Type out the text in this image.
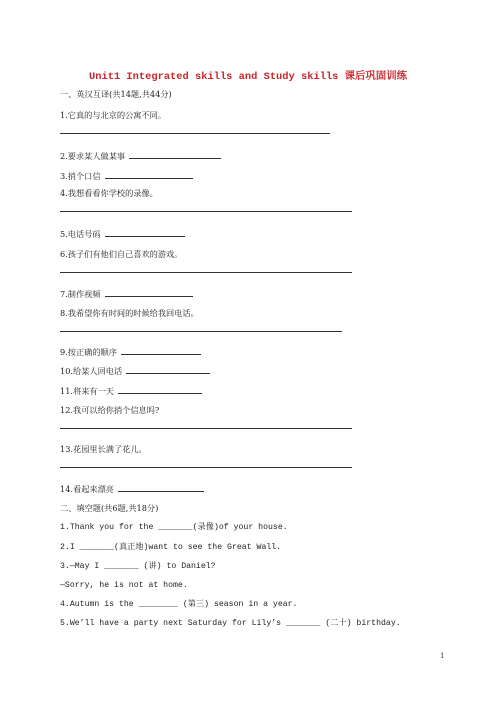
Unit1 Integrated skills and Study skills 课后巩固训练
一、英汉互译(共14题,共44分)
1.它真的与北京的公寓不同。
2.要求某人做某事
3.捎个口信
4.我想看看你学校的录像。
5.电话号码
6.孩子们有他们自己喜欢的游戏。
7.制作视频
8.我希望你有时间的时候给我回电话。
9.按正确的顺序
10.给某人回电话
11.将来有一天
12.我可以给你捎个信息吗?
13.花园里长满了花儿。
14.看起来漂亮
二、填空题(共6题,共18分)
1.Thank you for the _______(录像)of your house.
2.I _______(真正地)want to see the Great Wall.
3.—May I _______ (讲) to Daniel?
—Sorry, he is not at home.
4.Autumn is the ________ (第三) season in a year.
5.We’ll have a party next Saturday for Lily’s _______ (二十) birthday.
1
